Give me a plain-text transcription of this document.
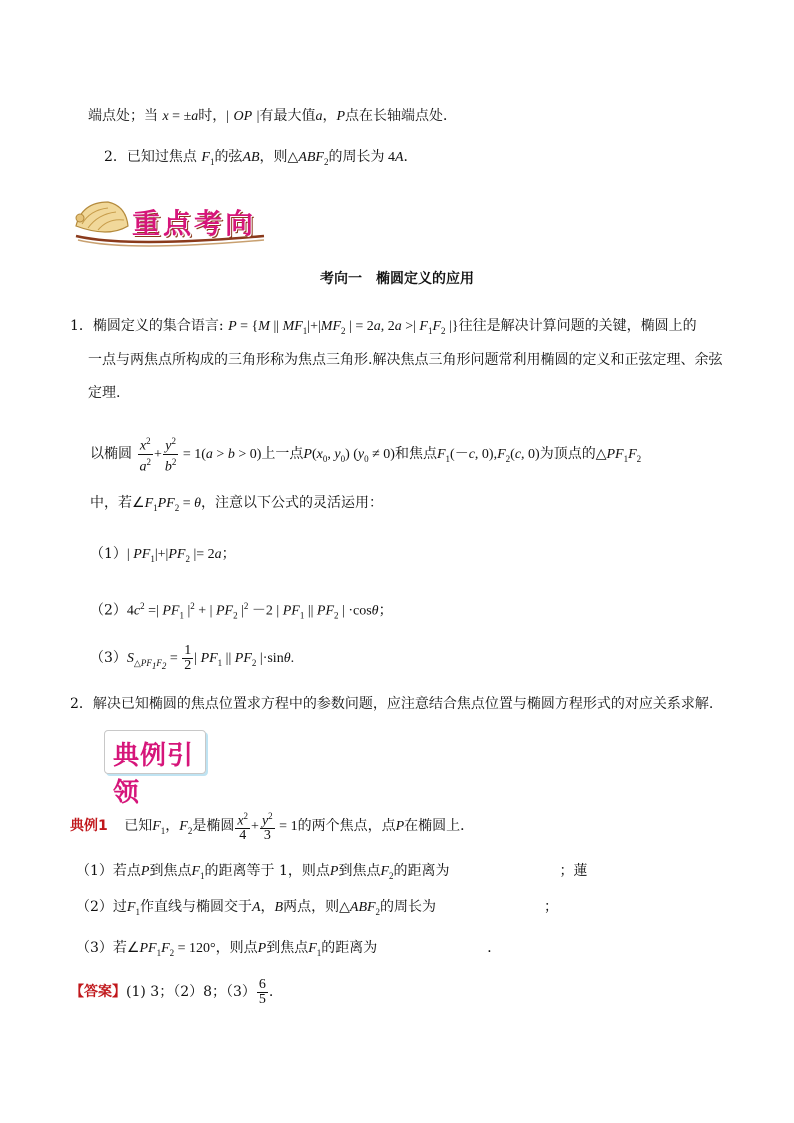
端点处；当 x = ±a时，| OP |有最大值a，P点在长轴端点处．
2．已知过焦点 $F_1$的弦AB，则$\triangle ABF_2$的周长为 4A．
重点考向
考向一　椭圆定义的应用
1．椭圆定义的集合语言: P = {M || $MF_1|+|MF_2$ | = 2a, 2a >| $F_1F_2$ |}往往是解决计算问题的关键，椭圆上的
一点与两焦点所构成的三角形称为焦点三角形.解决焦点三角形问题常利用椭圆的定义和正弦定理、余弦
定理.
以椭圆 $\frac{x^2}{a^2} + \frac{y^2}{b^2} = 1(a > b > 0)$上一点$P(x_0$, $y_0$) $(y_0 \ne 0)$和焦点$F_1(-c$, $0),F_2(c$, 0)为顶点的$\triangle PF_1F_2$
中，若$\angle F_1PF_2 = \theta$，注意以下公式的灵活运用：
（1）| $PF_1|+|PF_2$ |= 2a；
$(2)4c^2$ =| $PF_1$ $|^2$ + | $PF_2$ $|^2 -2$ | $PF_1$ || $PF_2$ | ·cosθ；
$(3)S_{\triangle PF_1F_2} = \frac{1}{2}$ | $PF_1$ || $PF_2$ |·sinθ.
2．解决已知椭圆的焦点位置求方程中的参数问题，应注意结合焦点位置与椭圆方程形式的对应关系求解.
典例引领
典例1 已知$F_1$，$F_2$是椭圆 $\frac{x^2}{4} + \frac{y^2}{3} = 1$的两个焦点，点P在椭圆上．
（1）若点P到焦点$F_1$的距离等于 1，则点P到焦点$F_2$的距离为	；蓮
（2）过$F_1$作直线与椭圆交于A，B两点，则$\triangle ABF_2$的周长为	；
（3）若$\angle PF_1F_2 = 120^\circ$，则点P到焦点$F_1$的距离为	．
【答案】(1) 3；（2）8；$(3) \frac{6}{5}$ .
